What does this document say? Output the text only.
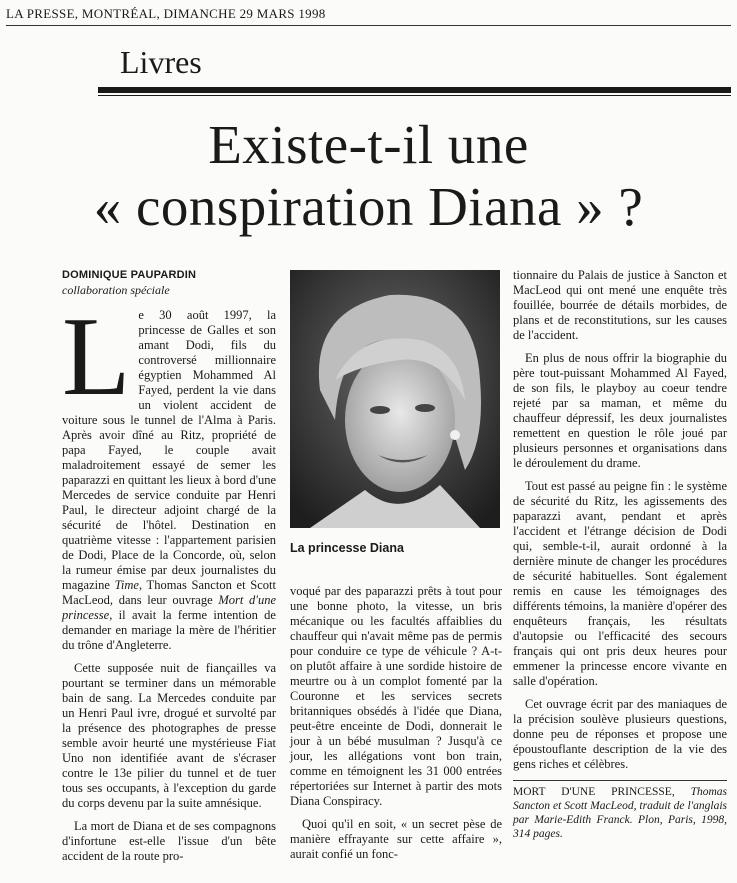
LA PRESSE, MONTRÉAL, DIMANCHE 29 MARS 1998
Livres
Existe-t-il une
« conspiration Diana » ?
DOMINIQUE PAUPARDIN
collaboration spéciale

Le 30 août 1997, la princesse de Galles et son amant Dodi, fils du controversé millionnaire égyptien Mohammed Al Fayed, perdent la vie dans un violent accident de voiture sous le tunnel de l'Alma à Paris. Après avoir dîné au Ritz, propriété de papa Fayed, le couple avait maladroitement essayé de semer les paparazzi en quittant les lieux à bord d'une Mercedes de service conduite par Henri Paul, le directeur adjoint chargé de la sécurité de l'hôtel. Destination en quatrième vitesse : l'appartement parisien de Dodi, Place de la Concorde, où, selon la rumeur émise par deux journalistes du magazine Time, Thomas Sancton et Scott MacLeod, dans leur ouvrage Mort d'une princesse, il avait la ferme intention de demander en mariage la mère de l'héritier du trône d'Angleterre.

Cette supposée nuit de fiançailles va pourtant se terminer dans un mémorable bain de sang. La Mercedes conduite par un Henri Paul ivre, drogué et survolté par la présence des photographes de presse semble avoir heurté une mystérieuse Fiat Uno non identifiée avant de s'écraser contre le 13e pilier du tunnel et de tuer tous ses occupants, à l'exception du garde du corps devenu par la suite amnésique.

La mort de Diana et de ses compagnons d'infortune est-elle l'issue d'un bête accident de la route pro-

La princesse Diana

voqué par des paparazzi prêts à tout pour une bonne photo, la vitesse, un bris mécanique ou les facultés affaiblies du chauffeur qui n'avait même pas de permis pour conduire ce type de véhicule ? A-t-on plutôt affaire à une sordide histoire de meurtre ou à un complot fomenté par la Couronne et les services secrets britanniques obsédés à l'idée que Diana, peut-être enceinte de Dodi, donnerait le jour à un bébé musulman ? Jusqu'à ce jour, les allégations vont bon train, comme en témoignent les 31 000 entrées répertoriées sur Internet à partir des mots Diana Conspiracy.

Quoi qu'il en soit, « un secret pèse de manière effrayante sur cette affaire », aurait confié un fonc-

tionnaire du Palais de justice à Sancton et MacLeod qui ont mené une enquête très fouillée, bourrée de détails morbides, de plans et de reconstitutions, sur les causes de l'accident.

En plus de nous offrir la biographie du père tout-puissant Mohammed Al Fayed, de son fils, le playboy au coeur tendre rejeté par sa maman, et même du chauffeur dépressif, les deux journalistes remettent en question le rôle joué par plusieurs personnes et organisations dans le déroulement du drame.

Tout est passé au peigne fin : le système de sécurité du Ritz, les agissements des paparazzi avant, pendant et après l'accident et l'étrange décision de Dodi qui, semble-t-il, aurait ordonné à la dernière minute de changer les procédures de sécurité habituelles. Sont également remis en cause les témoignages des différents témoins, la manière d'opérer des enquêteurs français, les résultats d'autopsie ou l'efficacité des secours français qui ont pris deux heures pour emmener la princesse encore vivante en salle d'opération.

Cet ouvrage écrit par des maniaques de la précision soulève plusieurs questions, donne peu de réponses et propose une époustouflante description de la vie des gens riches et célèbres.

MORT D'UNE PRINCESSE, Thomas Sancton et Scott MacLeod, traduit de l'anglais par Marie-Edith Franck. Plon, Paris, 1998, 314 pages.
